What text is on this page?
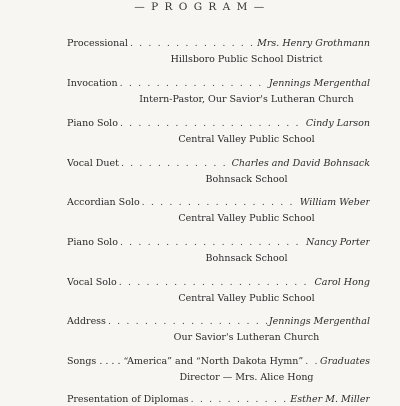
— P R O G R A M —
Processional . . .	Mrs. Henry Grothmann
Hillsboro Public School District
Invocation . . .	Jennings Mergenthal
Intern-Pastor, Our Savior's Lutheran Church
Piano Solo . . .	Cindy Larson
Central Valley Public School
Vocal Duet . . .	Charles and David Bohnsack
Bohnsack School
Accordian Solo . . .	William Weber
Central Valley Public School
Piano Solo . . .	Nancy Porter
Bohnsack School
Vocal Solo . . .	Carol Hong
Central Valley Public School
Address . . .	Jennings Mergenthal
Our Savior's Lutheran Church
Songs . . . . “America” and “North Dakota Hymn” . . . Graduates
Director — Mrs. Alice Hong
Presentation of Diplomas . . .	Esther M. Miller
